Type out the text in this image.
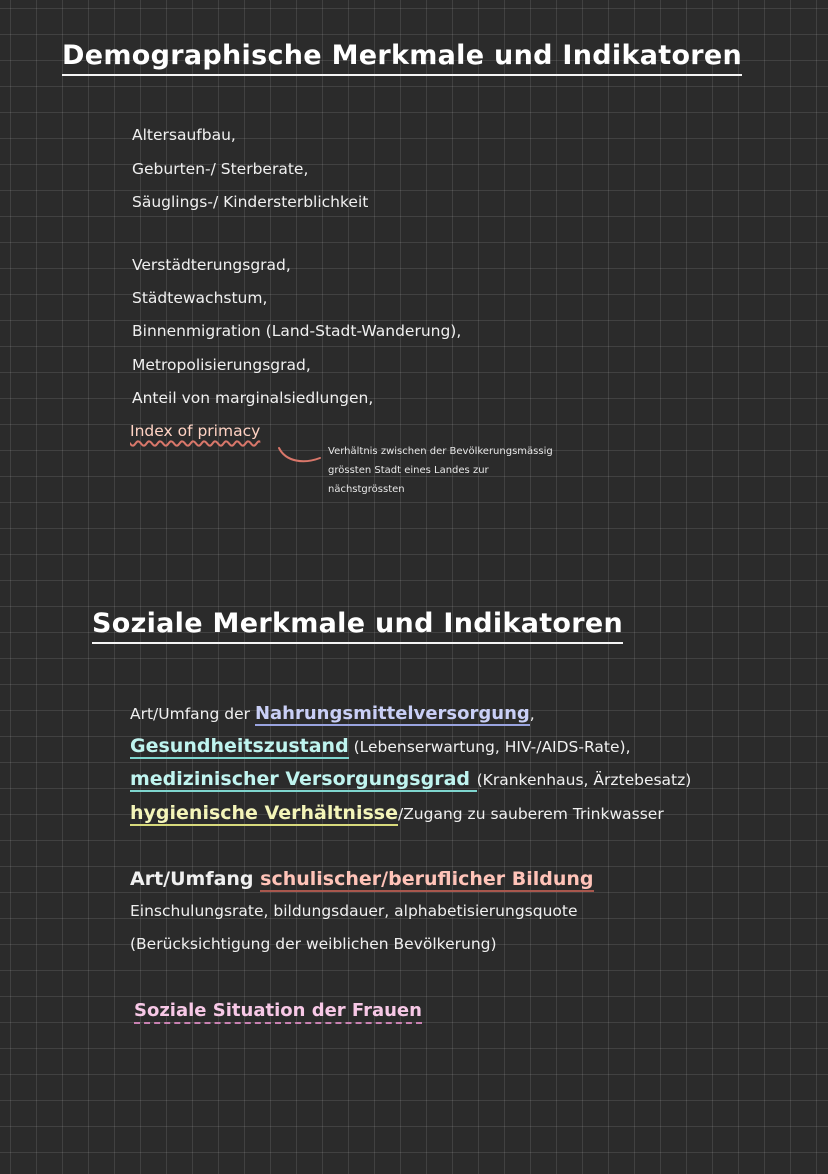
Demographische Merkmale und Indikatoren
Altersaufbau,
Geburten-/ Sterberate,
Säuglings-/ Kindersterblichkeit
Verstädterungsgrad,
Städtewachstum,
Binnenmigration (Land-Stadt-Wanderung),
Metropolisierungsgrad,
Anteil von marginalsiedlungen,
Index of primacy
Verhältnis zwischen der Bevölkerungsmässig
grössten Stadt eines Landes zur
nächstgrössten
Soziale Merkmale und Indikatoren
Art/Umfang der Nahrungsmittelversorgung,
Gesundheitszustand (Lebenserwartung, HIV-/AIDS-Rate),
medizinischer Versorgungsgrad (Krankenhaus, Ärztebesatz)
hygienische Verhältnisse/Zugang zu sauberem Trinkwasser
Art/Umfang schulischer/beruflicher Bildung
Einschulungsrate, bildungsdauer, alphabetisierungsquote
(Berücksichtigung der weiblichen Bevölkerung)
Soziale Situation der Frauen
